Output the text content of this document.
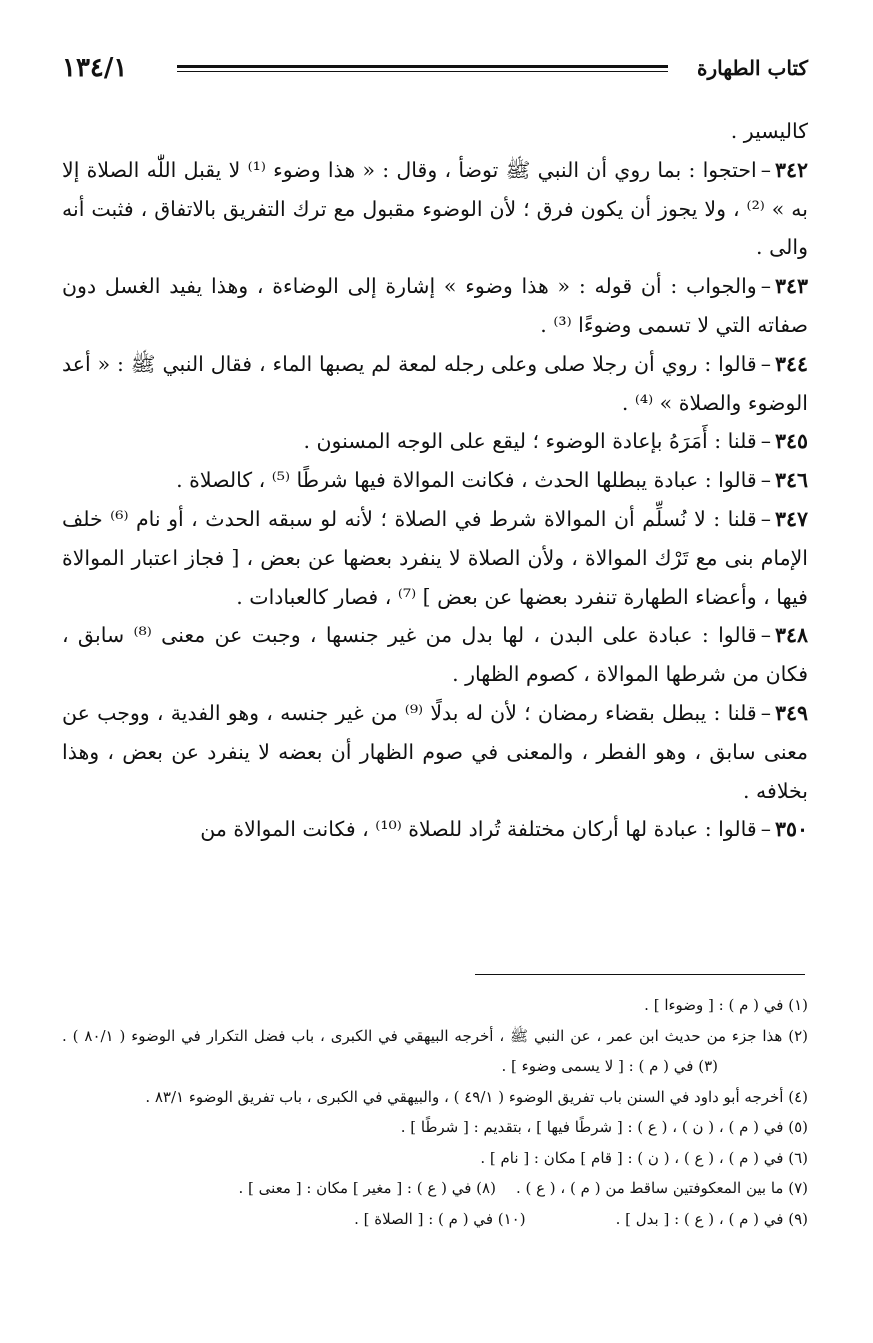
١٣٤/١	كتاب الطهارة

كاليسير .

٣٤٢–احتجوا : بما روي أن النبي ﷺ توضأ ، وقال : « هذا وضوء ⁽¹⁾ لا يقبل اللّٰه الصلاة إلا به » ⁽²⁾ ، ولا يجوز أن يكون فرق ؛ لأن الوضوء مقبول مع ترك التفريق بالاتفاق ، فثبت أنه والى .

٣٤٣–والجواب : أن قوله : « هذا وضوء » إشارة إلى الوضاءة ، وهذا يفيد الغسل دون صفاته التي لا تسمى وضوءًا ⁽³⁾ .

٣٤٤–قالوا : روي أن رجلا صلى وعلى رجله لمعة لم يصبها الماء ، فقال النبي ﷺ : « أعد الوضوء والصلاة » ⁽⁴⁾ .

٣٤٥–قلنا : أَمَرَهُ بإعادة الوضوء ؛ ليقع على الوجه المسنون .

٣٤٦–قالوا : عبادة يبطلها الحدث ، فكانت الموالاة فيها شرطًا ⁽⁵⁾ ، كالصلاة .

٣٤٧–قلنا : لا نُسلِّم أن الموالاة شرط في الصلاة ؛ لأنه لو سبقه الحدث ، أو نام ⁽⁶⁾ خلف الإمام بنى مع تَرْك الموالاة ، ولأن الصلاة لا ينفرد بعضها عن بعض ، [ فجاز اعتبار الموالاة فيها ، وأعضاء الطهارة تنفرد بعضها عن بعض ] ⁽⁷⁾ ، فصار كالعبادات .

٣٤٨–قالوا : عبادة على البدن ، لها بدل من غير جنسها ، وجبت عن معنى ⁽⁸⁾ سابق ، فكان من شرطها الموالاة ، كصوم الظهار .

٣٤٩–قلنا : يبطل بقضاء رمضان ؛ لأن له بدلًا ⁽⁹⁾ من غير جنسه ، وهو الفدية ، ووجب عن معنى سابق ، وهو الفطر ، والمعنى في صوم الظهار أن بعضه لا ينفرد عن بعض ، وهذا بخلافه .

٣٥٠–قالوا : عبادة لها أركان مختلفة تُراد للصلاة ⁽¹⁰⁾ ، فكانت الموالاة من

(١) في ( م ) : [ وضوءا ] .

(٢) هذا جزء من حديث ابن عمر ، عن النبي ﷺ ، أخرجه البيهقي في الكبرى ، باب فضل التكرار في الوضوء ( ٨٠/١ ) .(٣) في ( م ) : [ لا يسمى وضوء ] .

(٤) أخرجه أبو داود في السنن باب تفريق الوضوء ( ٤٩/١ ) ، والبيهقي في الكبرى ، باب تفريق الوضوء ٨٣/١ .

(٥) في ( م ) ، ( ن ) ، ( ع ) : [ شرطًا فيها ] ، بتقديم : [ شرطًا ] .

(٦) في ( م ) ، ( ع ) ، ( ن ) : [ قام ] مكان : [ نام ] .

(٧) ما بين المعكوفتين ساقط من ( م ) ، ( ع ) .(٨) في ( ع ) : [ مغير ] مكان : [ معنى ] .

(٩) في ( م ) ، ( ع ) : [ بدل ] .(١٠) في ( م ) : [ الصلاة ] .
